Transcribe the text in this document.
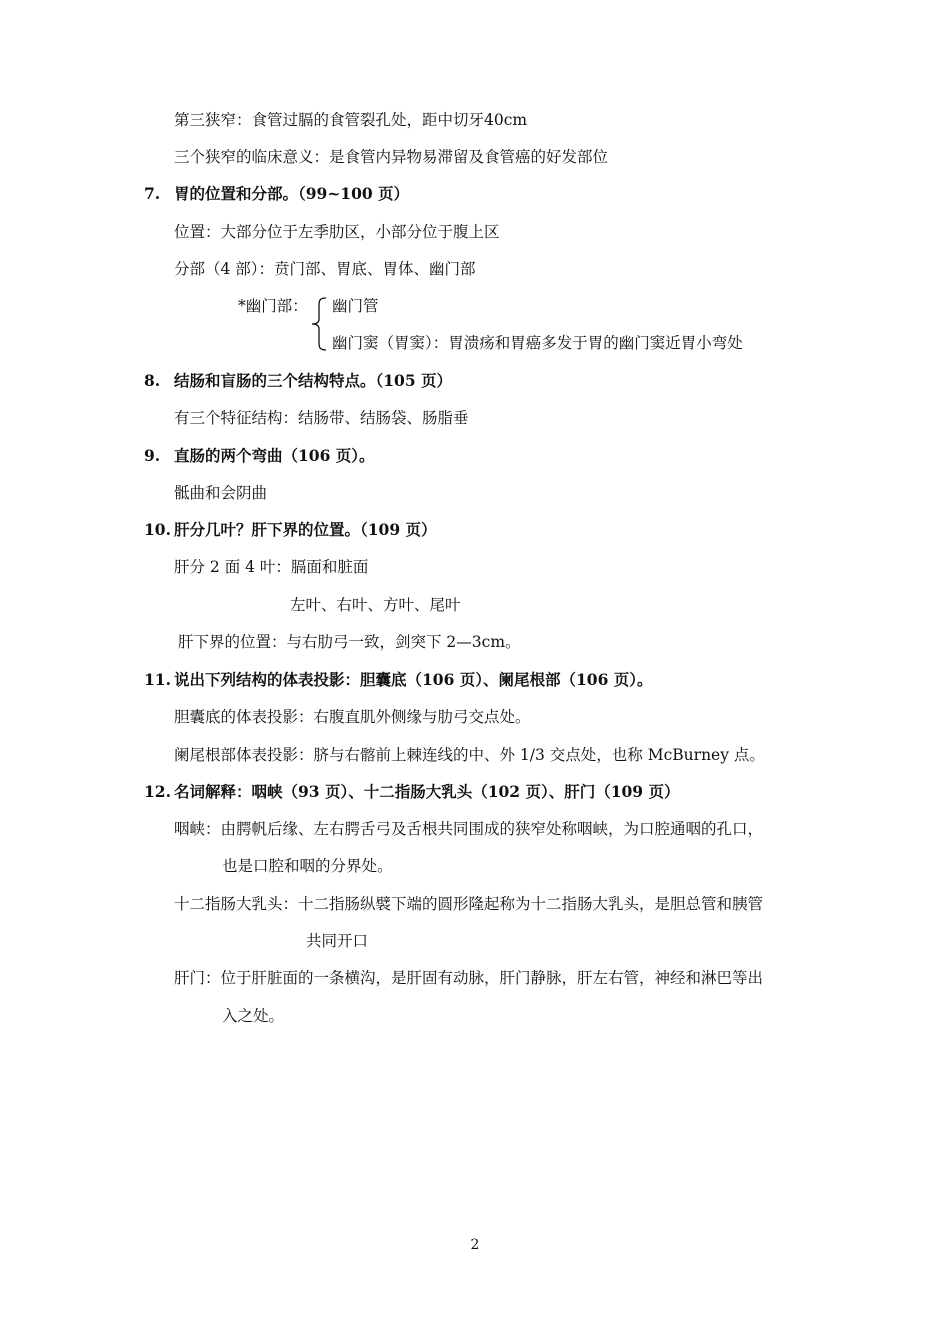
第三狭窄：食管过膈的食管裂孔处，距中切牙40cm
三个狭窄的临床意义：是食管内异物易滞留及食管癌的好发部位
7. 胃的位置和分部。（99~100 页）
位置：大部分位于左季肋区，小部分位于腹上区
分部（4 部）：贲门部、胃底、胃体、幽门部
*幽门部： 幽门管
幽门窦（胃窦）：胃溃疡和胃癌多发于胃的幽门窦近胃小弯处
8. 结肠和盲肠的三个结构特点。（105 页）
有三个特征结构：结肠带、结肠袋、肠脂垂
9. 直肠的两个弯曲（106 页）。
骶曲和会阴曲
10. 肝分几叶？肝下界的位置。（109 页）
肝分 2 面 4 叶：膈面和脏面
左叶、右叶、方叶、尾叶
肝下界的位置：与右肋弓一致，剑突下 2—3cm。
11. 说出下列结构的体表投影：胆囊底（106 页）、阑尾根部（106 页）。
胆囊底的体表投影：右腹直肌外侧缘与肋弓交点处。
阑尾根部体表投影：脐与右髂前上棘连线的中、外 1/3 交点处，也称 McBurney 点。
12. 名词解释：咽峡（93 页）、十二指肠大乳头（102 页）、肝门（109 页）
咽峡：由腭帆后缘、左右腭舌弓及舌根共同围成的狭窄处称咽峡，为口腔通咽的孔口，
也是口腔和咽的分界处。
十二指肠大乳头：十二指肠纵襞下端的圆形隆起称为十二指肠大乳头，是胆总管和胰管
共同开口
肝门：位于肝脏面的一条横沟，是肝固有动脉，肝门静脉，肝左右管，神经和淋巴等出
入之处。
2
